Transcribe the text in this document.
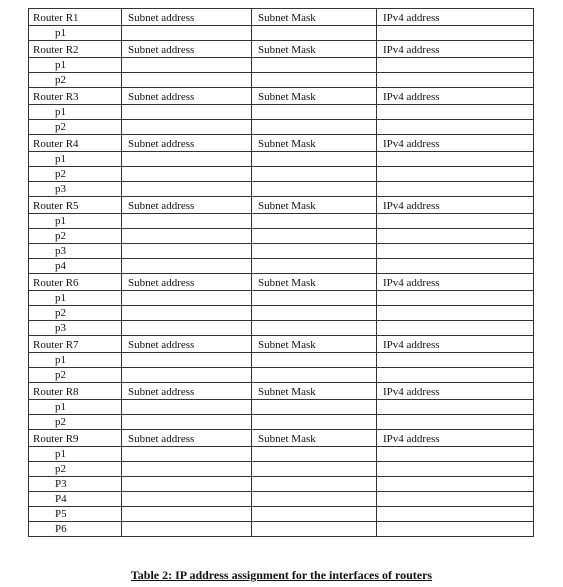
Router R1	Subnet address	Subnet Mask	IPv4 address
p1			
Router R2	Subnet address	Subnet Mask	IPv4 address
p1			
p2			
Router R3	Subnet address	Subnet Mask	IPv4 address
p1			
p2			
Router R4	Subnet address	Subnet Mask	IPv4 address
p1			
p2			
p3			
Router R5	Subnet address	Subnet Mask	IPv4 address
p1			
p2			
p3			
p4			
Router R6	Subnet address	Subnet Mask	IPv4 address
p1			
p2			
p3			
Router R7	Subnet address	Subnet Mask	IPv4 address
p1			
p2			
Router R8	Subnet address	Subnet Mask	IPv4 address
p1			
p2			
Router R9	Subnet address	Subnet Mask	IPv4 address
p1			
p2			
P3			
P4			
P5			
P6			
Table 2: IP address assignment for the interfaces of routers
